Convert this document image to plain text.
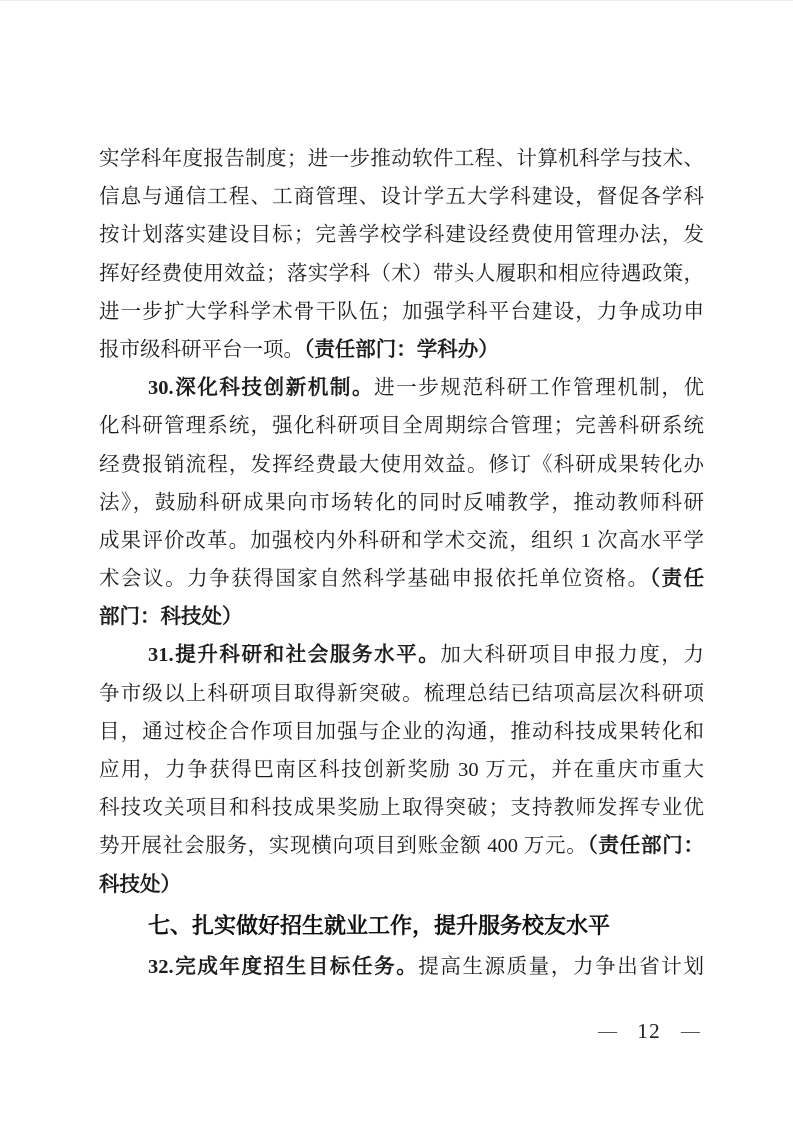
实学科年度报告制度；进一步推动软件工程、计算机科学与技术、
信息与通信工程、工商管理、设计学五大学科建设，督促各学科
按计划落实建设目标；完善学校学科建设经费使用管理办法，发
挥好经费使用效益；落实学科（术）带头人履职和相应待遇政策，
进一步扩大学科学术骨干队伍；加强学科平台建设，力争成功申
报市级科研平台一项。（责任部门：学科办）
30.深化科技创新机制。进一步规范科研工作管理机制，优
化科研管理系统，强化科研项目全周期综合管理；完善科研系统
经费报销流程，发挥经费最大使用效益。修订《科研成果转化办
法》，鼓励科研成果向市场转化的同时反哺教学，推动教师科研
成果评价改革。加强校内外科研和学术交流，组织 1 次高水平学
术会议。力争获得国家自然科学基础申报依托单位资格。（责任
部门：科技处）
31.提升科研和社会服务水平。加大科研项目申报力度，力
争市级以上科研项目取得新突破。梳理总结已结项高层次科研项
目，通过校企合作项目加强与企业的沟通，推动科技成果转化和
应用，力争获得巴南区科技创新奖励 30 万元，并在重庆市重大
科技攻关项目和科技成果奖励上取得突破；支持教师发挥专业优
势开展社会服务，实现横向项目到账金额 400 万元。（责任部门：
科技处）
七、扎实做好招生就业工作，提升服务校友水平
32.完成年度招生目标任务。提高生源质量，力争出省计划
— 12 —
